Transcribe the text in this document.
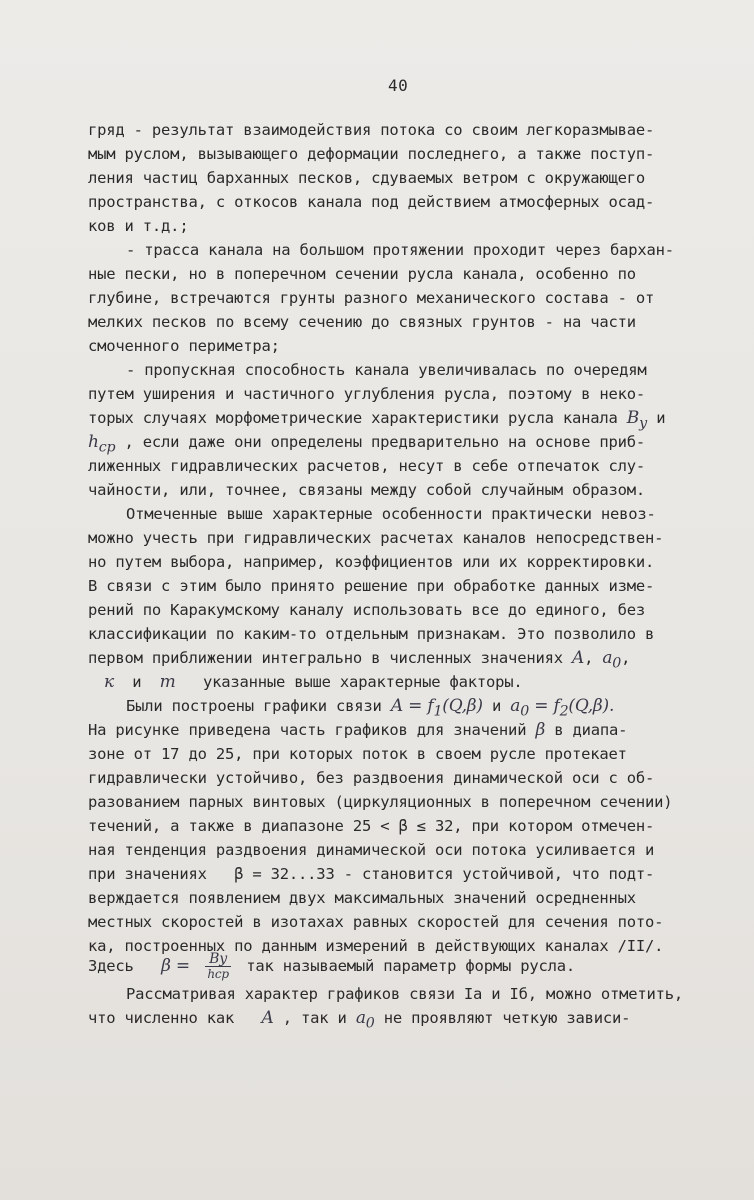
40
гряд - результат взаимодействия потока со своим легкоразмываe-
мым руслом, вызывающего деформации последнего, а также поступ-
ления частиц барханных песков, сдуваемых ветром с окружающего
пространства, с откосов канала под действием атмосферных осад-
ков и т.д.;
- трасса канала на большом протяжении проходит через бархан-
ные пески, но в поперечном сечении русла канала, особенно по
глубине, встречаются грунты разного механического состава - от
мелких песков по всему сечению до связных грунтов - на части
смоченного периметра;
- пропускная способность канала увеличивалась по очередям
путем уширения и частичного углубления русла, поэтому в неко-
торых случаях морфометрические характеристики русла канала $В_у$ и
$h_{ср}$ , если даже они определены предварительно на основе приб-
лиженных гидравлических расчетов, несут в себе отпечаток слу-
чайности, или, точнее, связаны между собой случайным образом.
Отмеченные выше характерные особенности практически невоз-
можно учесть при гидравлических расчетах каналов непосредствен-
но путем выбора, например, коэффициентов или их корректировки.
В связи с этим было принято решение при обработке данных изме-
рений по Каракумскому каналу использовать все до единого, без
классификации по каким-то отдельным признакам. Это позволило в
первом приближении интегрально в численных значениях A, $a_0$,
к и m указанные выше характерные факторы.
Были построены графики связи $A = f_1(Q,\beta)$ и $a_0 = f_2(Q,\beta)$.
На рисунке приведена часть графиков для значений β в диапа-
зоне от 17 до 25, при которых поток в своем русле протекает
гидравлически устойчиво, без раздвоения динамической оси с об-
разованием парных винтовых (циркуляционных в поперечном сечении)
течений, а также в диапазоне 25 < β ≤ 32, при котором отмечен-
ная тенденция раздвоения динамической оси потока усиливается и
при значениях β = 32...33 - становится устойчивой, что подт-
верждается появлением двух максимальных значений осредненных
местных скоростей в изотахах равных скоростей для сечения пото-
ка, построенных по данным измерений в действующих каналах /II/.
Здесь $\beta = \frac{Bу}{\text{hср}}$ так называемый параметр формы русла.
Рассматривая характер графиков связи Iа и Iб, можно отметить,
что численно как A , так и $a_0$ не проявляют четкую зависи-
